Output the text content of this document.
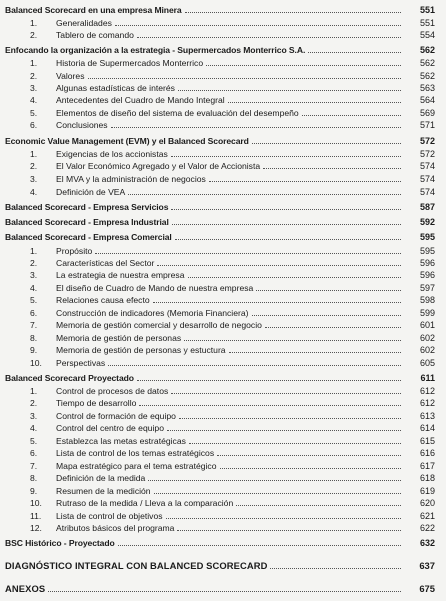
Balanced Scorecard en una empresa Minera	551
1. Generalidades	551
2. Tablero de comando	554
Enfocando la organización a la estrategia - Supermercados Monterrico S.A.	562
1. Historia de Supermercados Monterrico	562
2. Valores	562
3. Algunas estadísticas de interés	563
4. Antecedentes del Cuadro de Mando Integral	564
5. Elementos de diseño del sistema de evaluación del desempeño	569
6. Conclusiones	571
Economic Value Management (EVM) y el Balanced Scorecard	572
1. Exigencias de los accionistas	572
2. El Valor Económico Agregado y el Valor de Accionista	574
3. El MVA y la administración de negocios	574
4. Definición de VEA	574
Balanced Scorecard - Empresa Servicios	587
Balanced Scorecard - Empresa Industrial	592
Balanced Scorecard - Empresa Comercial	595
1. Propósito	595
2. Características del Sector	596
3. La estrategia de nuestra empresa	596
4. El diseño de Cuadro de Mando de nuestra empresa	597
5. Relaciones causa efecto	598
6. Construcción de indicadores (Memoria Financiera)	599
7. Memoria de gestión comercial y desarrollo de negocio	601
8. Memoria de gestión de personas	602
9. Memoria de gestión de personas y estuctura	602
10. Perspectivas	605
Balanced Scorecard Proyectado	611
1. Control de procesos de datos	612
2. Tiempo de desarrollo	612
3. Control de formación de equipo	613
4. Control del centro de equipo	614
5. Establezca las metas estratégicas	615
6. Lista de control de los temas estratégicos	616
7. Mapa estratégico para el tema estratégico	617
8. Definición de la medida	618
9. Resumen de la medición	619
10. Rutraso de la medida / Lleva a la comparación	620
11. Lista de control de objetivos	621
12. Atributos básicos del programa	622
BSC Histórico - Proyectado	632
DIAGNÓSTICO INTEGRAL CON BALANCED SCORECARD	637
ANEXOS	675
